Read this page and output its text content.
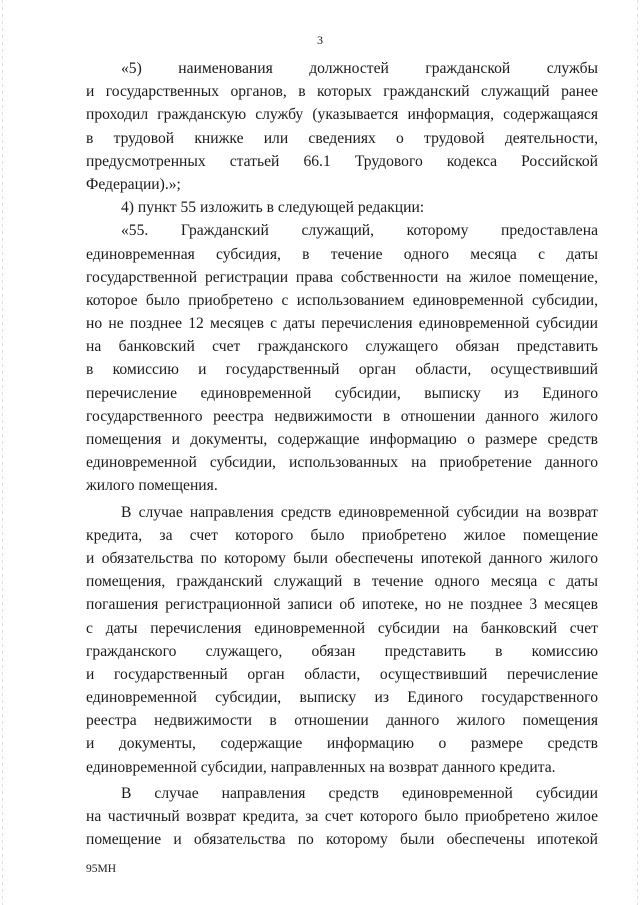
3
«5) наименования должностей гражданской службы
и государственных органов, в которых гражданский служащий ранее
проходил гражданскую службу (указывается информация, содержащаяся
в трудовой книжке или сведениях о трудовой деятельности,
предусмотренных статьей 66.1 Трудового кодекса Российской
Федерации).»;
4) пункт 55 изложить в следующей редакции:
«55. Гражданский служащий, которому предоставлена
единовременная субсидия, в течение одного месяца с даты
государственной регистрации права собственности на жилое помещение,
которое было приобретено с использованием единовременной субсидии,
но не позднее 12 месяцев с даты перечисления единовременной субсидии
на банковский счет гражданского служащего обязан представить
в комиссию и государственный орган области, осуществивший
перечисление единовременной субсидии, выписку из Единого
государственного реестра недвижимости в отношении данного жилого
помещения и документы, содержащие информацию о размере средств
единовременной субсидии, использованных на приобретение данного
жилого помещения.
В случае направления средств единовременной субсидии на возврат
кредита, за счет которого было приобретено жилое помещение
и обязательства по которому были обеспечены ипотекой данного жилого
помещения, гражданский служащий в течение одного месяца с даты
погашения регистрационной записи об ипотеке, но не позднее 3 месяцев
с даты перечисления единовременной субсидии на банковский счет
гражданского служащего, обязан представить в комиссию
и государственный орган области, осуществивший перечисление
единовременной субсидии, выписку из Единого государственного
реестра недвижимости в отношении данного жилого помещения
и документы, содержащие информацию о размере средств
единовременной субсидии, направленных на возврат данного кредита.
В случае направления средств единовременной субсидии
на частичный возврат кредита, за счет которого было приобретено жилое
помещение и обязательства по которому были обеспечены ипотекой
95МН
